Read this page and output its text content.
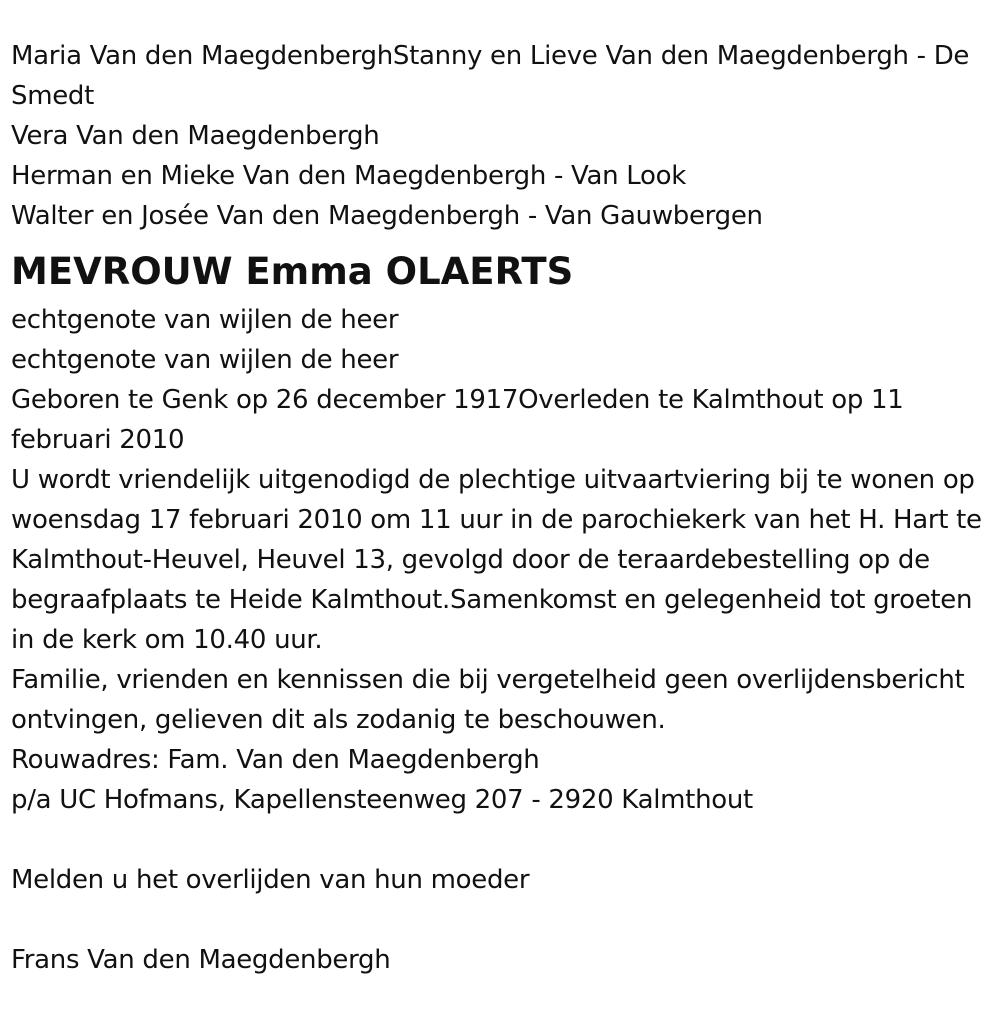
Maria Van den MaegdenberghStanny en Lieve Van den Maegdenbergh - De Smedt
Vera Van den Maegdenbergh
Herman en Mieke Van den Maegdenbergh - Van Look
Walter en Josée Van den Maegdenbergh - Van Gauwbergen
MEVROUW Emma OLAERTS
echtgenote van wijlen de heer
echtgenote van wijlen de heer
Geboren te Genk op 26 december 1917Overleden te Kalmthout op 11 februari 2010
U wordt vriendelijk uitgenodigd de plechtige uitvaartviering bij te wonen op woensdag 17 februari 2010 om 11 uur in de parochiekerk van het H. Hart te Kalmthout-Heuvel, Heuvel 13, gevolgd door de teraardebestelling op de begraafplaats te Heide Kalmthout.Samenkomst en gelegenheid tot groeten in de kerk om 10.40 uur.
Familie, vrienden en kennissen die bij vergetelheid geen overlijdensbericht ontvingen, gelieven dit als zodanig te beschouwen.
Rouwadres: Fam. Van den Maegdenbergh
p/a UC Hofmans, Kapellensteenweg 207 - 2920 Kalmthout
Melden u het overlijden van hun moeder
Frans Van den Maegdenbergh
